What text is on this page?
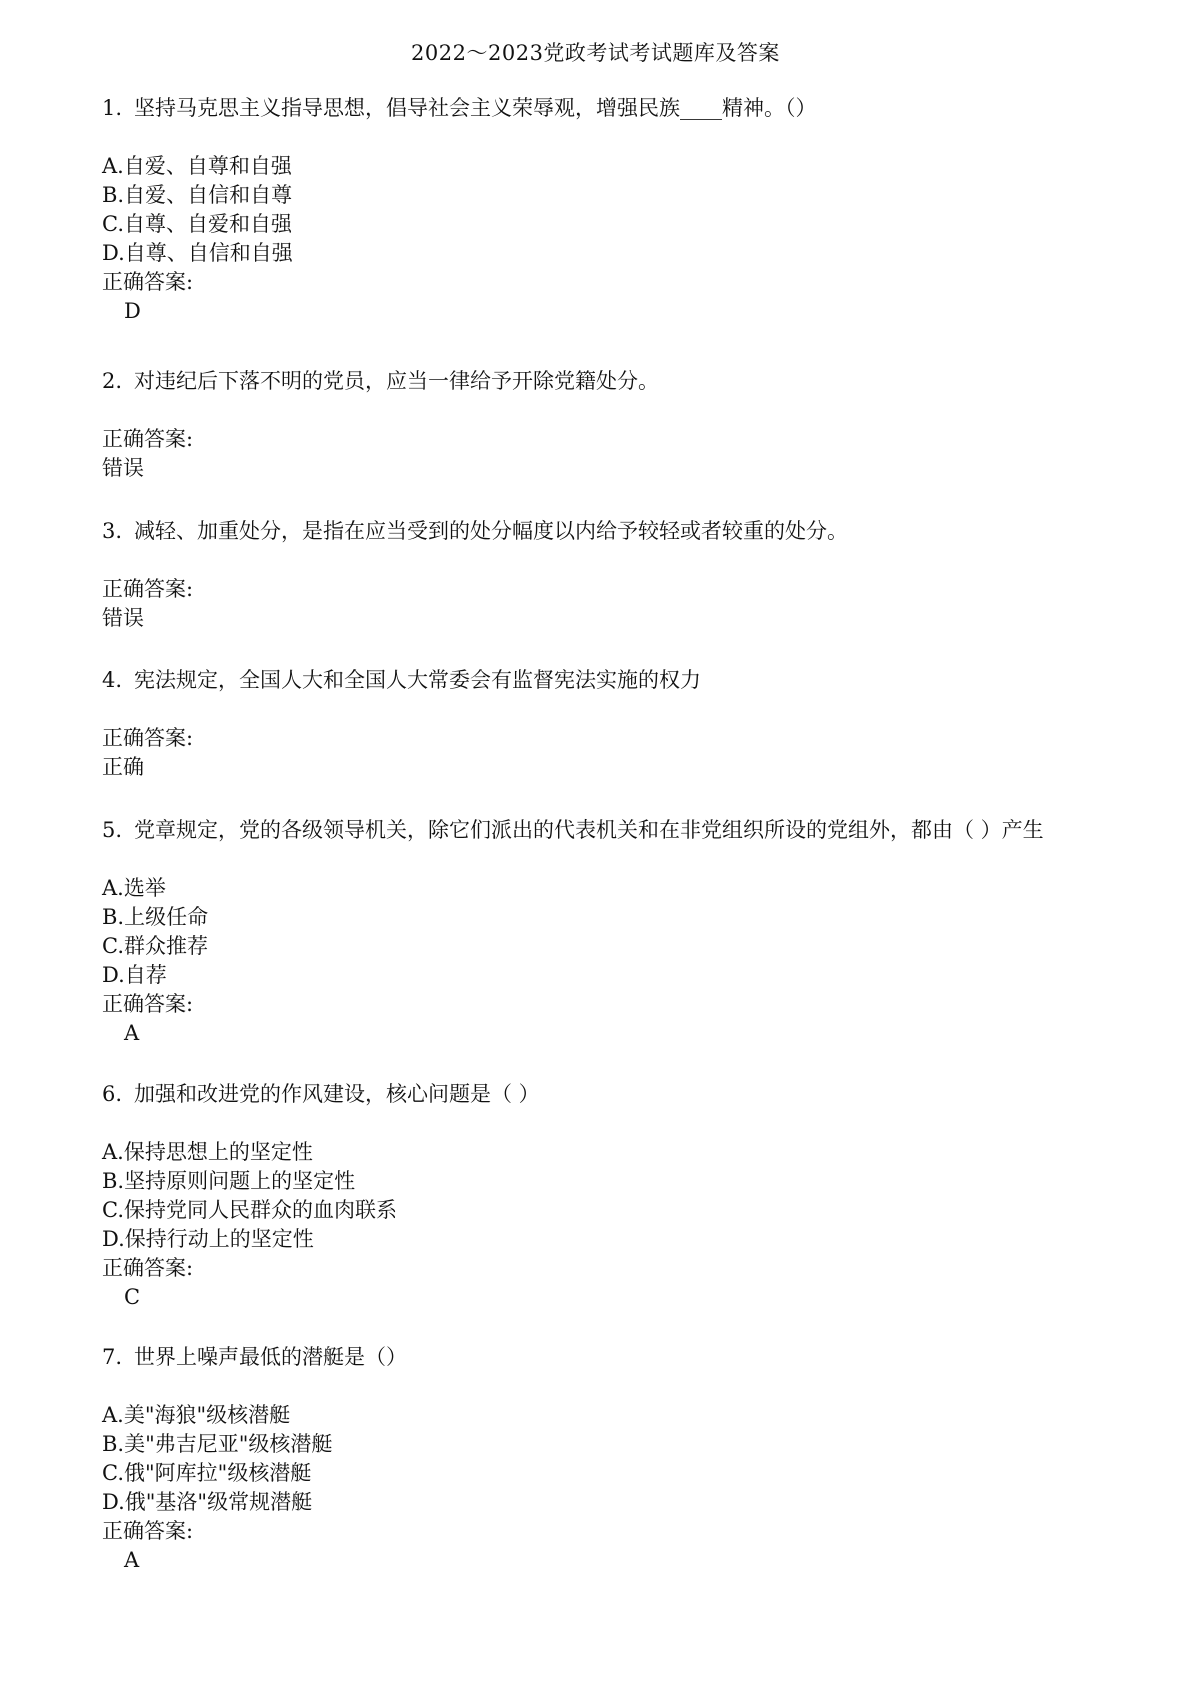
2022～2023党政考试考试题库及答案
1. 坚持马克思主义指导思想，倡导社会主义荣辱观，增强民族____精神。（）
A.自爱、自尊和自强
B.自爱、自信和自尊
C.自尊、自爱和自强
D.自尊、自信和自强
正确答案:
D
2. 对违纪后下落不明的党员，应当一律给予开除党籍处分。
正确答案:
错误
3. 减轻、加重处分，是指在应当受到的处分幅度以内给予较轻或者较重的处分。
正确答案:
错误
4. 宪法规定，全国人大和全国人大常委会有监督宪法实施的权力
正确答案:
正确
5. 党章规定，党的各级领导机关，除它们派出的代表机关和在非党组织所设的党组外，都由（ ）产生
A.选举
B.上级任命
C.群众推荐
D.自荐
正确答案:
A
6. 加强和改进党的作风建设，核心问题是（ ）
A.保持思想上的坚定性
B.坚持原则问题上的坚定性
C.保持党同人民群众的血肉联系
D.保持行动上的坚定性
正确答案:
C
7. 世界上噪声最低的潜艇是（）
A.美"海狼"级核潜艇
B.美"弗吉尼亚"级核潜艇
C.俄"阿库拉"级核潜艇
D.俄"基洛"级常规潜艇
正确答案:
A
